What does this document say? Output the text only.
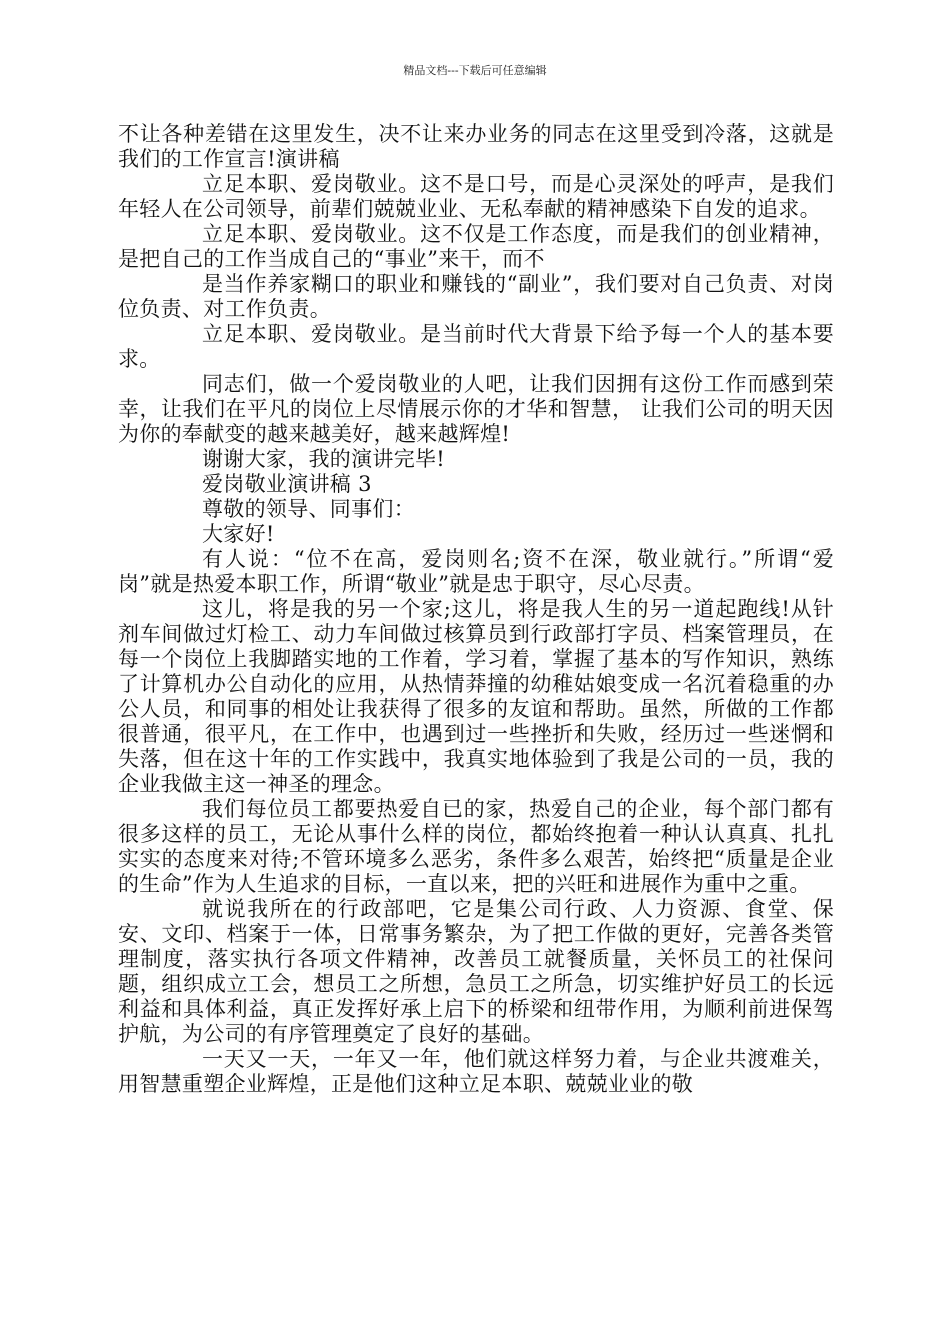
精品文档---下载后可任意编辑

不让各种差错在这里发生，决不让来办业务的同志在这里受到冷落，这就是我们的工作宣言!演讲稿

立足本职、爱岗敬业。这不是口号，而是心灵深处的呼声，是我们年轻人在公司领导，前辈们兢兢业业、无私奉献的精神感染下自发的追求。

立足本职、爱岗敬业。这不仅是工作态度，而是我们的创业精神，是把自己的工作当成自己的“事业”来干，而不

是当作养家糊口的职业和赚钱的“副业”，我们要对自己负责、对岗位负责、对工作负责。

立足本职、爱岗敬业。是当前时代大背景下给予每一个人的基本要求。

同志们，做一个爱岗敬业的人吧，让我们因拥有这份工作而感到荣幸，让我们在平凡的岗位上尽情展示你的才华和智慧， 让我们公司的明天因为你的奉献变的越来越美好，越来越辉煌!

谢谢大家，我的演讲完毕!

爱岗敬业演讲稿 3

尊敬的领导、同事们：

大家好!

有人说：“位不在高，爱岗则名;资不在深，敬业就行。”所谓“爱岗”就是热爱本职工作，所谓“敬业”就是忠于职守，尽心尽责。

这儿，将是我的另一个家;这儿，将是我人生的另一道起跑线!从针剂车间做过灯检工、动力车间做过核算员到行政部打字员、档案管理员，在每一个岗位上我脚踏实地的工作着，学习着，掌握了基本的写作知识，熟练了计算机办公自动化的应用，从热情莽撞的幼稚姑娘变成一名沉着稳重的办公人员，和同事的相处让我获得了很多的友谊和帮助。虽然，所做的工作都很普通，很平凡，在工作中，也遇到过一些挫折和失败，经历过一些迷惘和失落，但在这十年的工作实践中，我真实地体验到了我是公司的一员，我的企业我做主这一神圣的理念。

我们每位员工都要热爱自已的家，热爱自己的企业，每个部门都有很多这样的员工，无论从事什么样的岗位，都始终抱着一种认认真真、扎扎实实的态度来对待;不管环境多么恶劣，条件多么艰苦，始终把“质量是企业的生命”作为人生追求的目标，一直以来，把的兴旺和进展作为重中之重。

就说我所在的行政部吧，它是集公司行政、人力资源、食堂、保安、文印、档案于一体，日常事务繁杂，为了把工作做的更好，完善各类管理制度，落实执行各项文件精神，改善员工就餐质量，关怀员工的社保问题，组织成立工会，想员工之所想，急员工之所急，切实维护好员工的长远利益和具体利益，真正发挥好承上启下的桥梁和纽带作用，为顺利前进保驾护航，为公司的有序管理奠定了良好的基础。

一天又一天，一年又一年，他们就这样努力着，与企业共渡难关，用智慧重塑企业辉煌，正是他们这种立足本职、兢兢业业的敬
